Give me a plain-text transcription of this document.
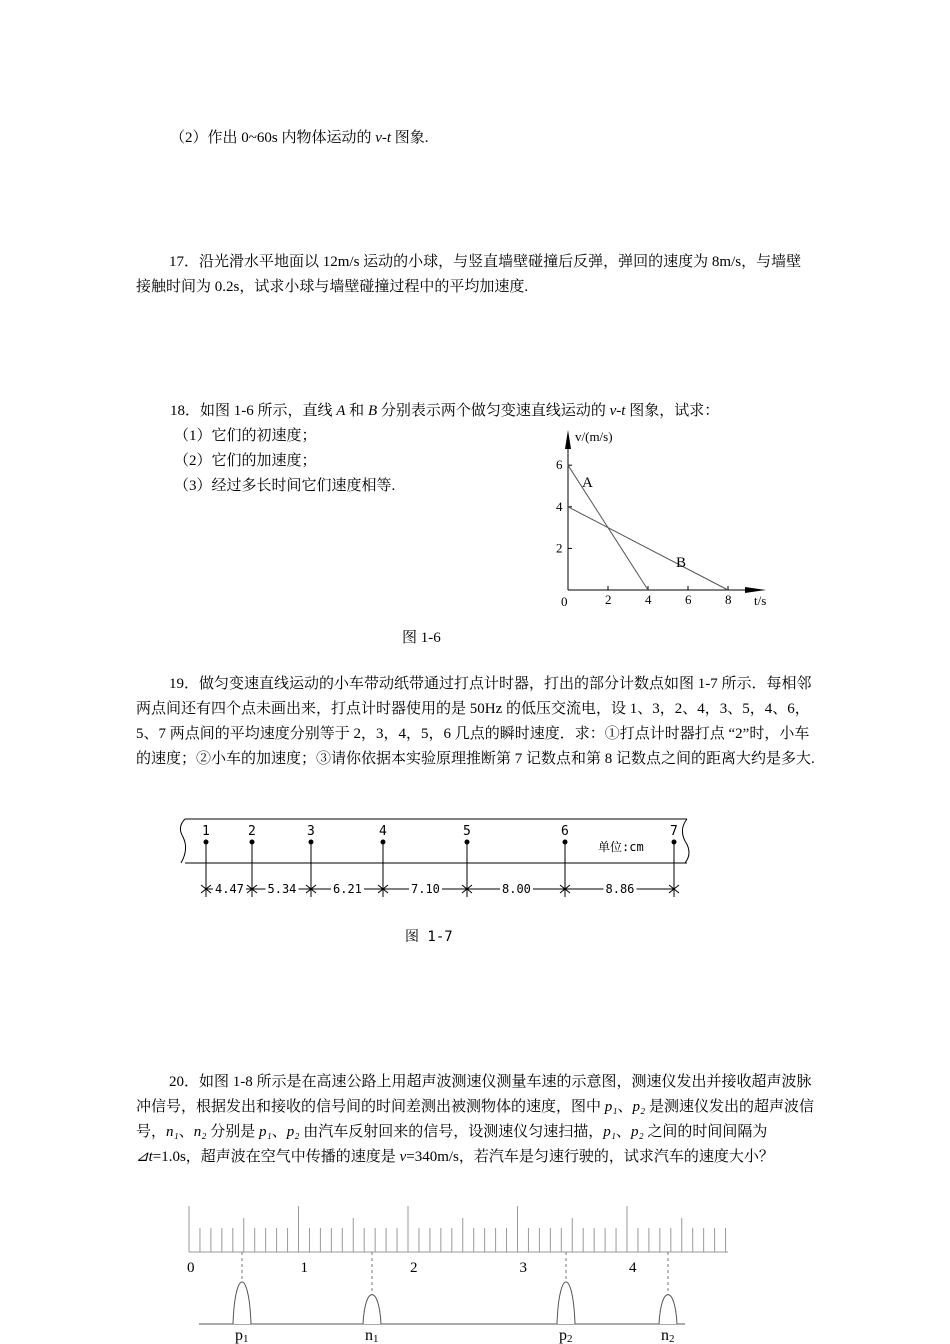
（2）作出 0~60s 内物体运动的 v-t 图象.

17．沿光滑水平地面以 12m/s 运动的小球，与竖直墙壁碰撞后反弹，弹回的速度为 8m/s，与墙壁接触时间为 0.2s，试求小球与墙壁碰撞过程中的平均加速度.

18．如图 1-6 所示，直线 A 和 B 分别表示两个做匀变速直线运动的 v-t 图象，试求：
（1）它们的初速度；
（2）它们的加速度；
（3）经过多长时间它们速度相等.
v/(m/s)
t/s
0	2	4	6	8
2
4
6
A
B
图 1-6

19．做匀变速直线运动的小车带动纸带通过打点计时器，打出的部分计数点如图 1-7 所示．每相邻两点间还有四个点未画出来，打点计时器使用的是 50Hz 的低压交流电，设 1、3，2、4，3、5，4、6，5、7 两点间的平均速度分别等于 2，3，4，5，6 几点的瞬时速度．求：①打点计时器打点 “2”时，小车的速度；②小车的加速度；③请你依据本实验原理推断第 7 记数点和第 8 记数点之间的距离大约是多大.

1	2	3	4	5	6	7
单位:cm
4.47 5.34	6.21	7.10	8.00	8.86
图 1-7

20．如图 1-8 所示是在高速公路上用超声波测速仪测量车速的示意图，测速仪发出并接收超声波脉冲信号，根据发出和接收的信号间的时间差测出被测物体的速度，图中 p₁、p₂ 是测速仪发出的超声波信号，n₁、n₂ 分别是 p₁、p₂ 由汽车反射回来的信号，设测速仪匀速扫描，p₁、p₂ 之间的时间间隔为 ⊿t=1.0s，超声波在空气中传播的速度是 v=340m/s，若汽车是匀速行驶的，试求汽车的速度大小？

0	1	2	3	4
p1	n1	p2	n2
